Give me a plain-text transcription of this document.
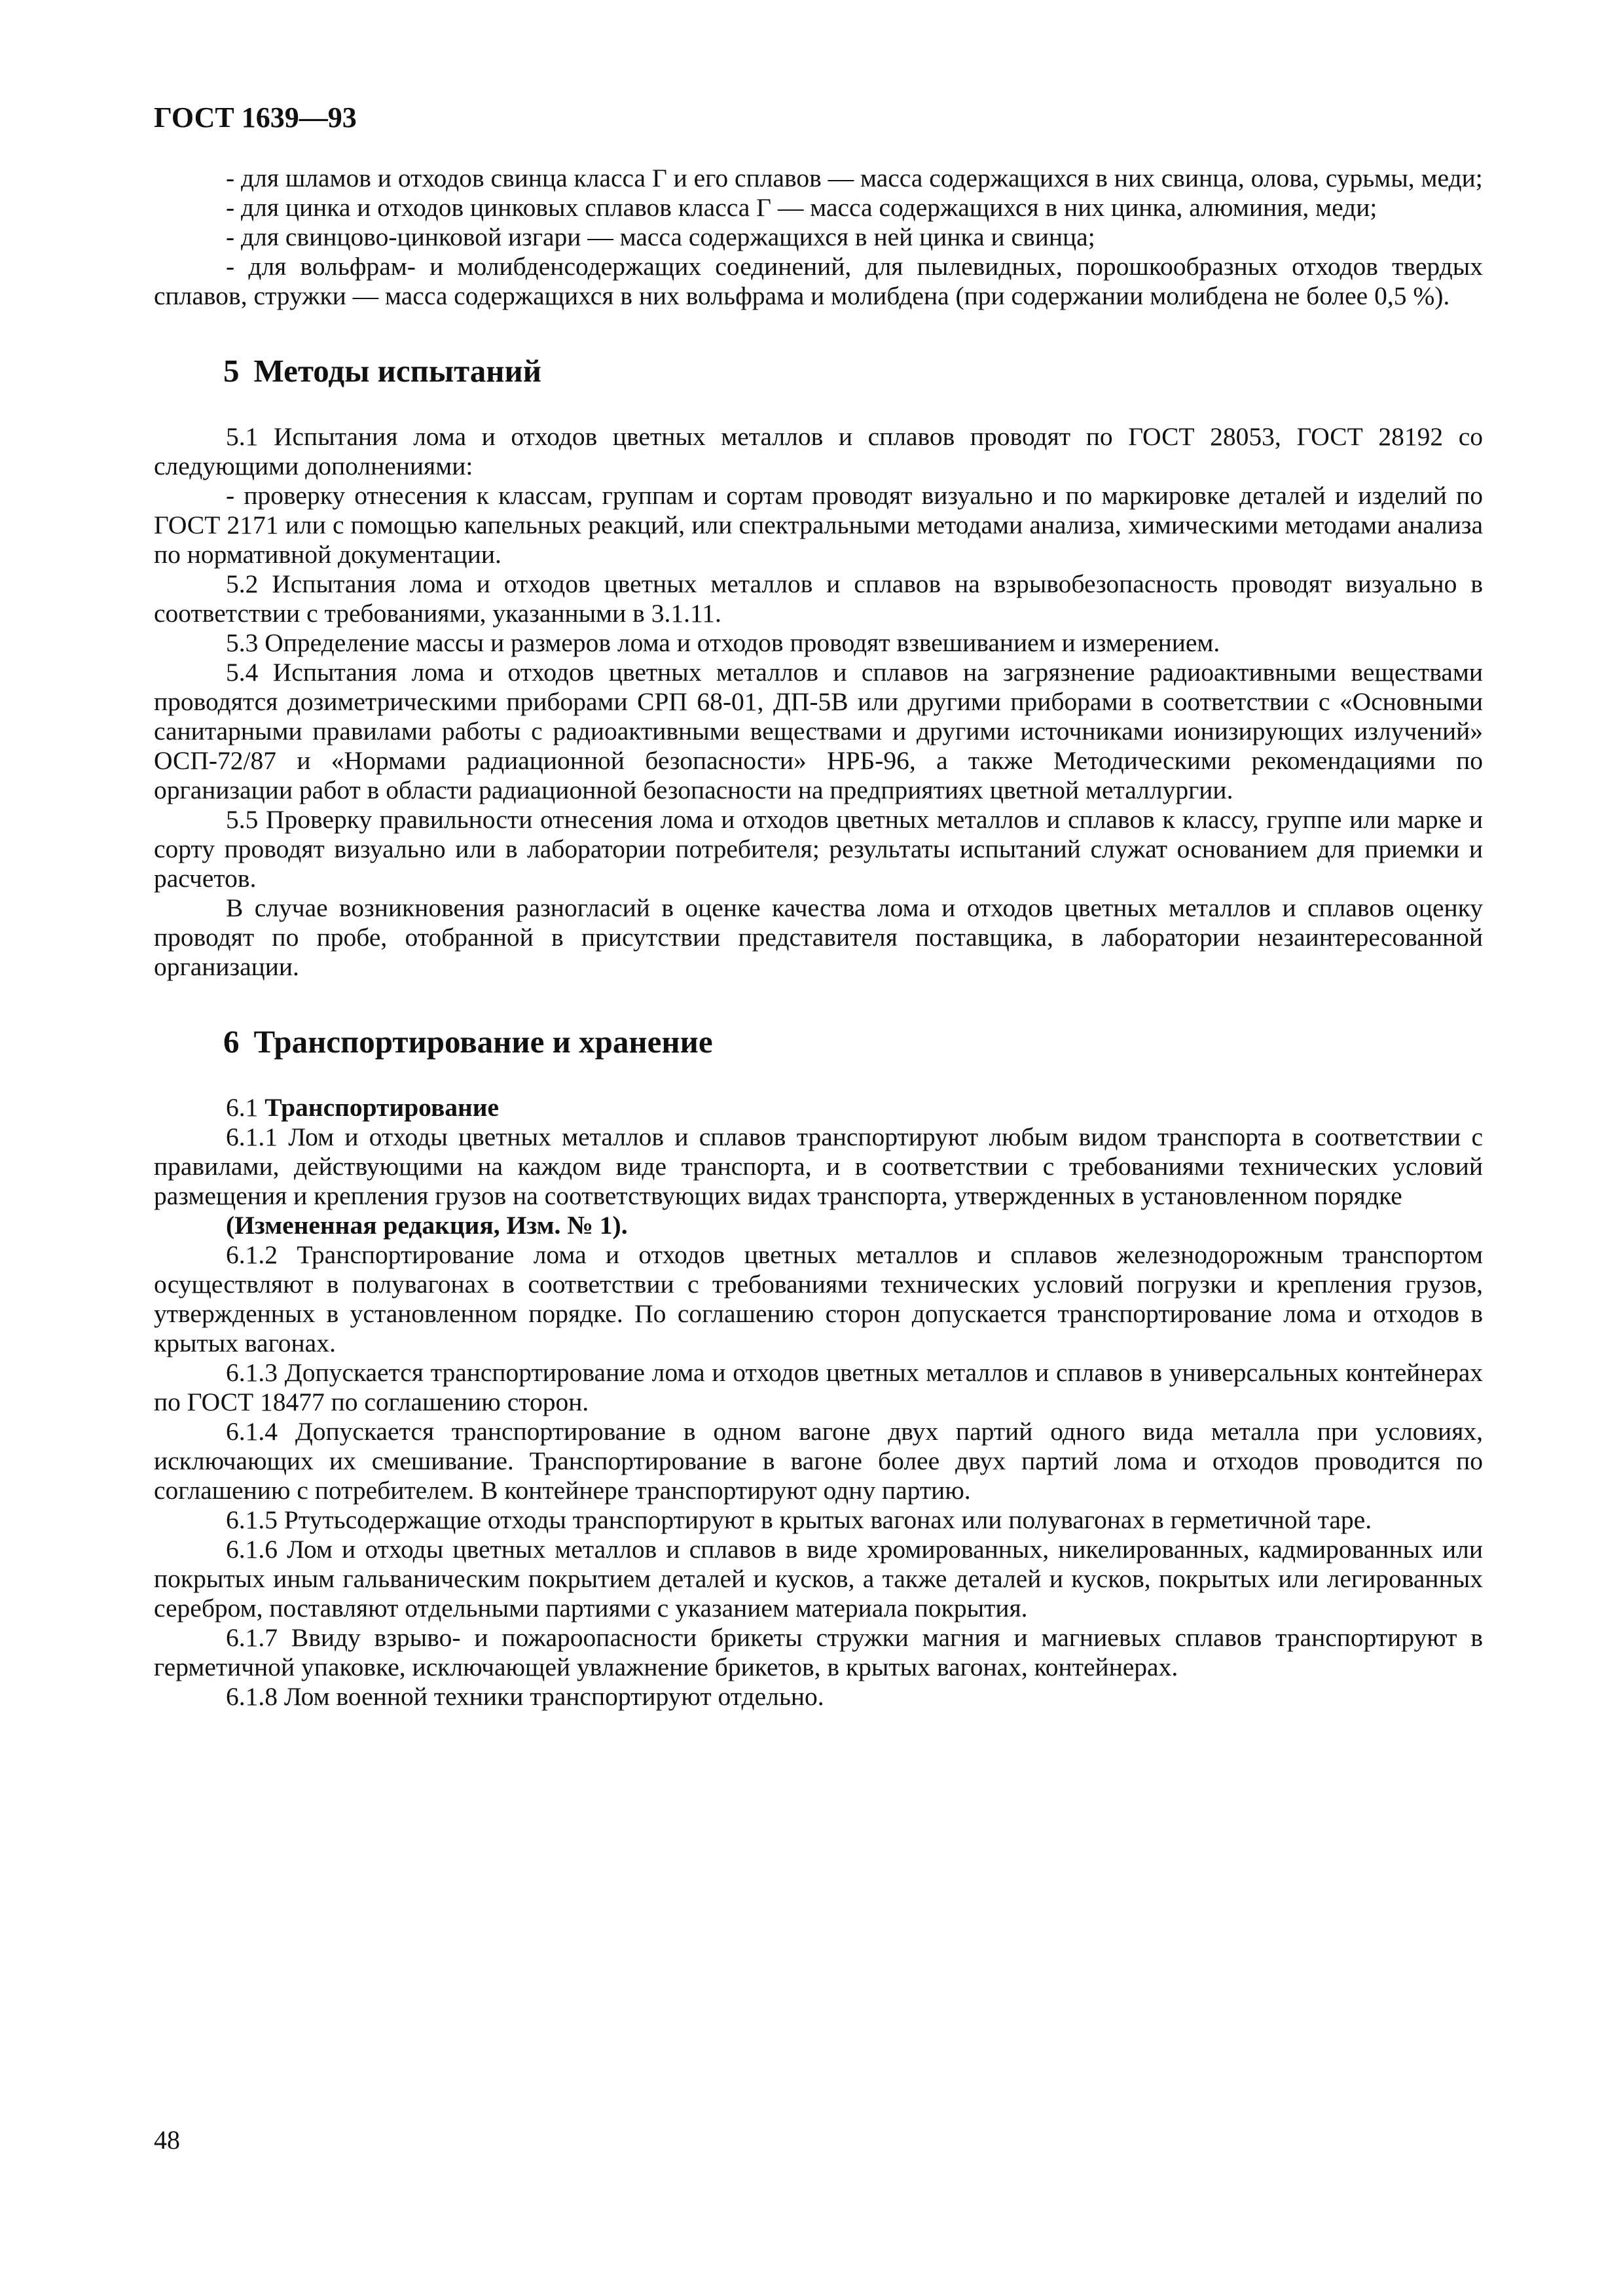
ГОСТ 1639—93

- для шламов и отходов свинца класса Г и его сплавов — масса содержащихся в них свинца, олова, сурьмы, меди;

- для цинка и отходов цинковых сплавов класса Г — масса содержащихся в них цинка, алюминия, меди;

- для свинцово-цинковой изгари — масса содержащихся в ней цинка и свинца;

- для вольфрам- и молибденсодержащих соединений, для пылевидных, порошкообразных отходов твердых сплавов, стружки — масса содержащихся в них вольфрама и молибдена (при содержании молибдена не более 0,5 %).

5 Методы испытаний

5.1 Испытания лома и отходов цветных металлов и сплавов проводят по ГОСТ 28053, ГОСТ 28192 со следующими дополнениями:

- проверку отнесения к классам, группам и сортам проводят визуально и по маркировке деталей и изделий по ГОСТ 2171 или с помощью капельных реакций, или спектральными методами анализа, химическими методами анализа по нормативной документации.

5.2 Испытания лома и отходов цветных металлов и сплавов на взрывобезопасность проводят визуально в соответствии с требованиями, указанными в 3.1.11.

5.3 Определение массы и размеров лома и отходов проводят взвешиванием и измерением.

5.4 Испытания лома и отходов цветных металлов и сплавов на загрязнение радиоактивными веществами проводятся дозиметрическими приборами СРП 68-01, ДП-5В или другими приборами в соответствии с «Основными санитарными правилами работы с радиоактивными веществами и другими источниками ионизирующих излучений» ОСП-72/87 и «Нормами радиационной безопасности» НРБ-96, а также Методическими рекомендациями по организации работ в области радиационной безопасности на предприятиях цветной металлургии.

5.5 Проверку правильности отнесения лома и отходов цветных металлов и сплавов к классу, группе или марке и сорту проводят визуально или в лаборатории потребителя; результаты испытаний служат основанием для приемки и расчетов.

В случае возникновения разногласий в оценке качества лома и отходов цветных металлов и сплавов оценку проводят по пробе, отобранной в присутствии представителя поставщика, в лаборатории незаинтересованной организации.

6 Транспортирование и хранение

6.1 Транспортирование

6.1.1 Лом и отходы цветных металлов и сплавов транспортируют любым видом транспорта в соответствии с правилами, действующими на каждом виде транспорта, и в соответствии с требованиями технических условий размещения и крепления грузов на соответствующих видах транспорта, утвержденных в установленном порядке

(Измененная редакция, Изм. № 1).

6.1.2 Транспортирование лома и отходов цветных металлов и сплавов железнодорожным транспортом осуществляют в полувагонах в соответствии с требованиями технических условий погрузки и крепления грузов, утвержденных в установленном порядке. По соглашению сторон допускается транспортирование лома и отходов в крытых вагонах.

6.1.3 Допускается транспортирование лома и отходов цветных металлов и сплавов в универсальных контейнерах по ГОСТ 18477 по соглашению сторон.

6.1.4 Допускается транспортирование в одном вагоне двух партий одного вида металла при условиях, исключающих их смешивание. Транспортирование в вагоне более двух партий лома и отходов проводится по соглашению с потребителем. В контейнере транспортируют одну партию.

6.1.5 Ртутьсодержащие отходы транспортируют в крытых вагонах или полувагонах в герметичной таре.

6.1.6 Лом и отходы цветных металлов и сплавов в виде хромированных, никелированных, кадмированных или покрытых иным гальваническим покрытием деталей и кусков, а также деталей и кусков, покрытых или легированных серебром, поставляют отдельными партиями с указанием материала покрытия.

6.1.7 Ввиду взрыво- и пожароопасности брикеты стружки магния и магниевых сплавов транспортируют в герметичной упаковке, исключающей увлажнение брикетов, в крытых вагонах, контейнерах.

6.1.8 Лом военной техники транспортируют отдельно.

48
